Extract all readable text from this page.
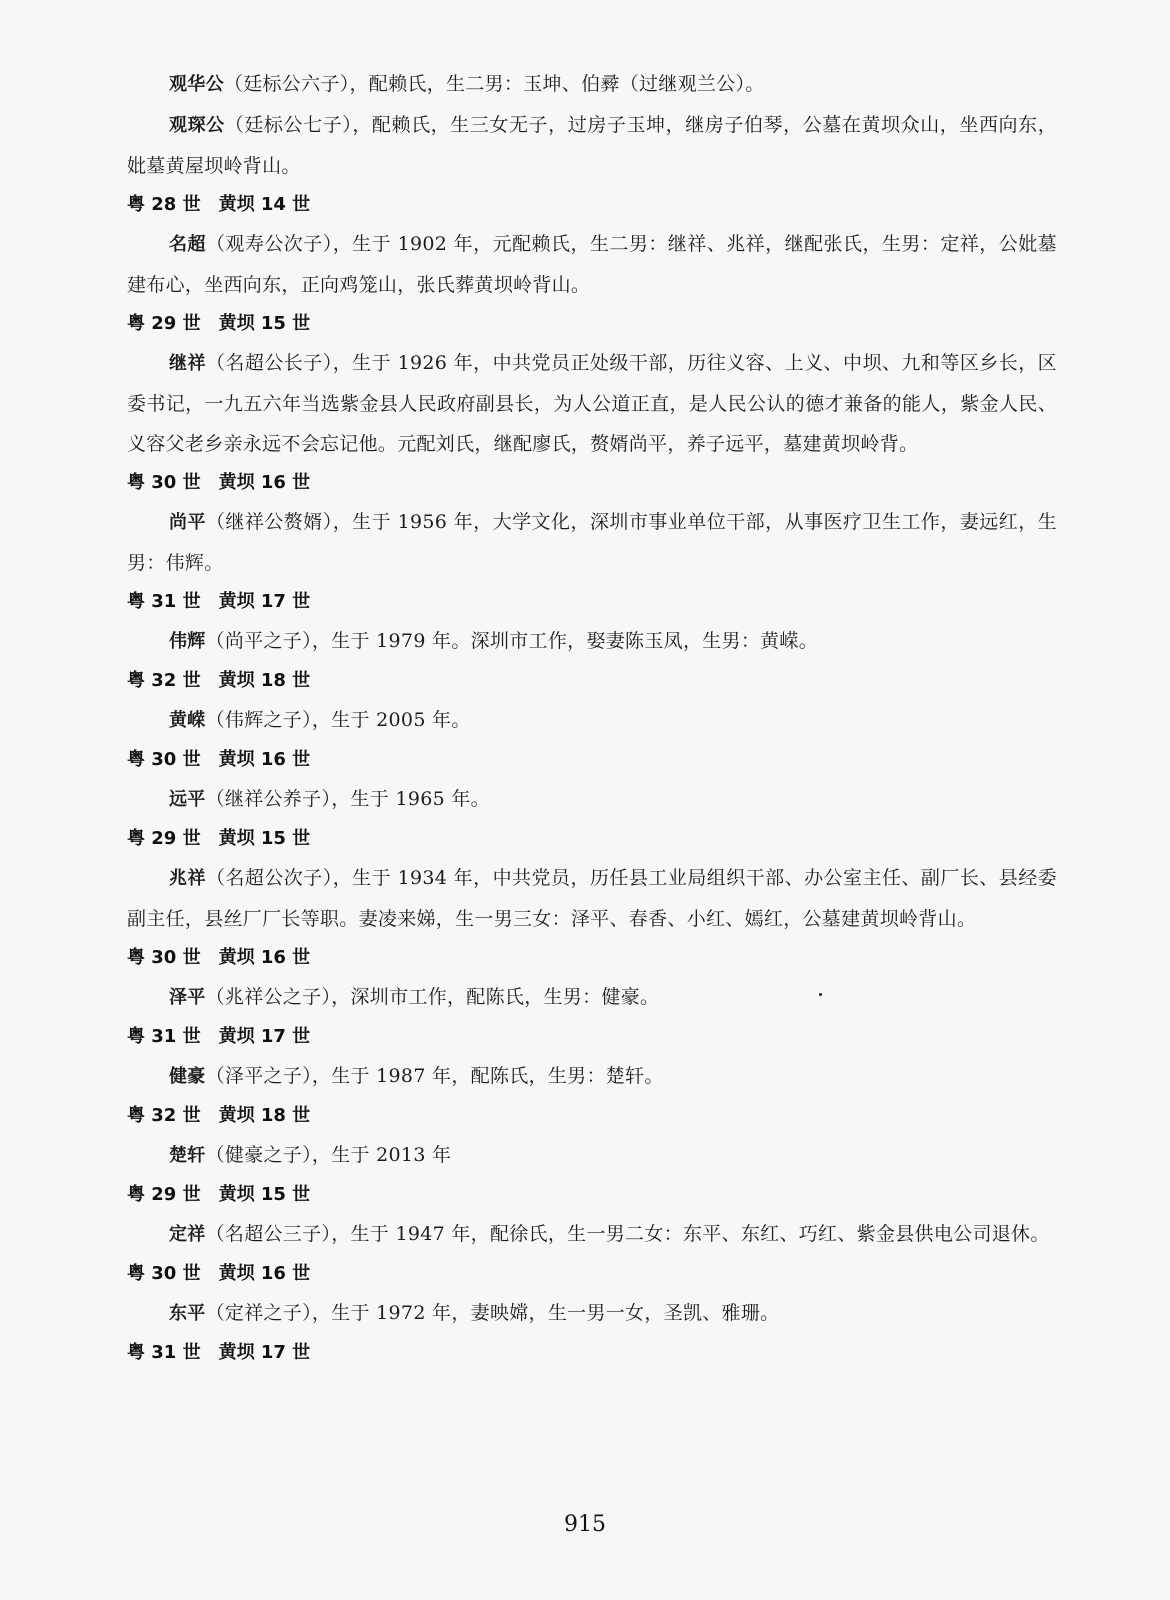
观华公（廷标公六子），配赖氏，生二男：玉坤、伯彛（过继观兰公）。

观琛公（廷标公七子），配赖氏，生三女无子，过房子玉坤，继房子伯琴，公墓在黄坝众山，坐西向东，妣墓黄屋坝岭背山。

粤 28 世　黄坝 14 世

名超（观寿公次子），生于 1902 年，元配赖氏，生二男：继祥、兆祥，继配张氏，生男：定祥，公妣墓建布心，坐西向东，正向鸡笼山，张氏葬黄坝岭背山。

粤 29 世　黄坝 15 世

继祥（名超公长子），生于 1926 年，中共党员正处级干部，历往义容、上义、中坝、九和等区乡长，区委书记，一九五六年当选紫金县人民政府副县长，为人公道正直，是人民公认的德才兼备的能人，紫金人民、义容父老乡亲永远不会忘记他。元配刘氏，继配廖氏，赘婿尚平，养子远平，墓建黄坝岭背。

粤 30 世　黄坝 16 世

尚平（继祥公赘婿），生于 1956 年，大学文化，深圳市事业单位干部，从事医疗卫生工作，妻远红，生男：伟辉。

粤 31 世　黄坝 17 世

伟辉（尚平之子），生于 1979 年。深圳市工作，娶妻陈玉凤，生男：黄嵘。

粤 32 世　黄坝 18 世

黄嵘（伟辉之子），生于 2005 年。

粤 30 世　黄坝 16 世

远平（继祥公养子），生于 1965 年。

粤 29 世　黄坝 15 世

兆祥（名超公次子），生于 1934 年，中共党员，历任县工业局组织干部、办公室主任、副厂长、县经委副主任，县丝厂厂长等职。妻凌来娣，生一男三女：泽平、春香、小红、嫣红，公墓建黄坝岭背山。

粤 30 世　黄坝 16 世

泽平（兆祥公之子），深圳市工作，配陈氏，生男：健豪。

粤 31 世　黄坝 17 世

健豪（泽平之子），生于 1987 年，配陈氏，生男：楚轩。

粤 32 世　黄坝 18 世

楚轩（健豪之子），生于 2013 年

粤 29 世　黄坝 15 世

定祥（名超公三子），生于 1947 年，配徐氏，生一男二女：东平、东红、巧红、紫金县供电公司退休。

粤 30 世　黄坝 16 世

东平（定祥之子），生于 1972 年，妻映嫦，生一男一女，圣凯、雅珊。

粤 31 世　黄坝 17 世
915
